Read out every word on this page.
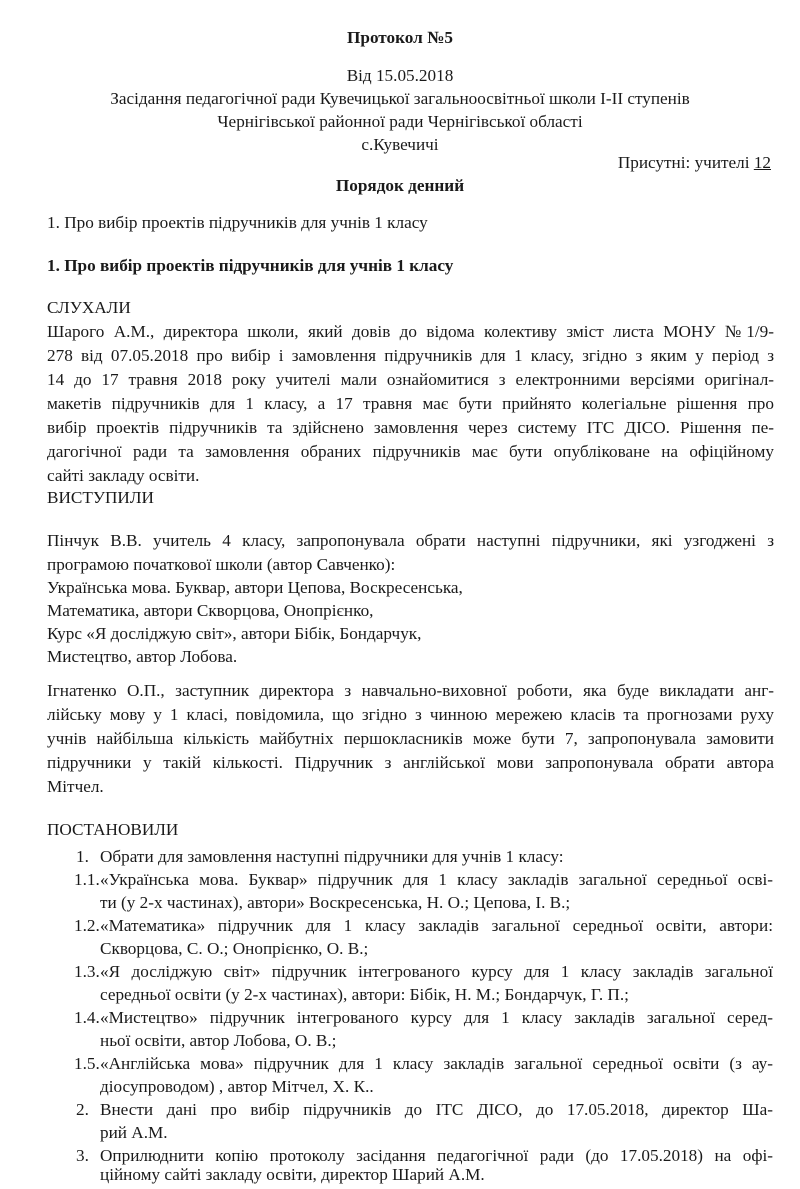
Протокол №5
Від 15.05.2018
Засідання педагогічної ради Кувечицької загальноосвітньої школи І-ІІ ступенів
Чернігівської районної ради Чернігівської області
с.Кувечичі
Присутні: учителі 12
Порядок денний
1. Про вибір проектів підручників для учнів 1 класу
1. Про вибір проектів підручників для учнів 1 класу
СЛУХАЛИ
Шарого А.М., директора школи, який довів до відома колективу зміст листа МОНУ №1/9-
278 від 07.05.2018 про вибір і замовлення підручників для 1 класу, згідно з яким у період з
14 до 17 травня 2018 року учителі мали ознайомитися з електронними версіями оригінал-
макетів підручників для 1 класу, а 17 травня має бути прийнято колегіальне рішення про
вибір проектів підручників та здійснено замовлення через систему ІТС ДІСО. Рішення пе-
дагогічної ради та замовлення обраних підручників має бути опубліковане на офіційному
сайті закладу освіти.
ВИСТУПИЛИ
Пінчук В.В. учитель 4 класу, запропонувала обрати наступні підручники, які узгоджені з
програмою початкової школи (автор Савченко):
Українська мова. Буквар, автори Цепова, Воскресенська,
Математика, автори Скворцова, Онопрієнко,
Курс «Я досліджую світ», автори Бібік, Бондарчук,
Мистецтво, автор Лобова.
Ігнатенко О.П., заступник директора з навчально-виховної роботи, яка буде викладати анг-
лійську мову у 1 класі, повідомила, що згідно з чинною мережею класів та прогнозами руху
учнів найбільша кількість майбутніх першокласників може бути 7, запропонувала замовити
підручники у такій кількості. Підручник з англійської мови запропонувала обрати автора
Мітчел.
ПОСТАНОВИЛИ
1. Обрати для замовлення наступні підручники для учнів 1 класу:
1.1. «Українська мова. Буквар» підручник для 1 класу закладів загальної середньої осві-
ти (у 2-х частинах), автори» Воскресенська, Н. О.; Цепова, І. В.;
1.2. «Математика» підручник для 1 класу закладів загальної середньої освіти, автори:
Скворцова, С. О.; Онопрієнко, О. В.;
1.3. «Я досліджую світ» підручник інтегрованого курсу для 1 класу закладів загальної
середньої освіти (у 2-х частинах), автори: Бібік, Н. М.; Бондарчук, Г. П.;
1.4. «Мистецтво» підручник інтегрованого курсу для 1 класу закладів загальної серед-
ньої освіти, автор Лобова, О. В.;
1.5. «Англійська мова» підручник для 1 класу закладів загальної середньої освіти (з ау-
діосупроводом) , автор Мітчел, Х. К..
2. Внести дані про вибір підручників до ІТС ДІСО, до 17.05.2018, директор Ша-
рий А.М.
3. Оприлюднити копію протоколу засідання педагогічної ради (до 17.05.2018) на офі-
ційному сайті закладу освіти, директор Шарий А.М.
